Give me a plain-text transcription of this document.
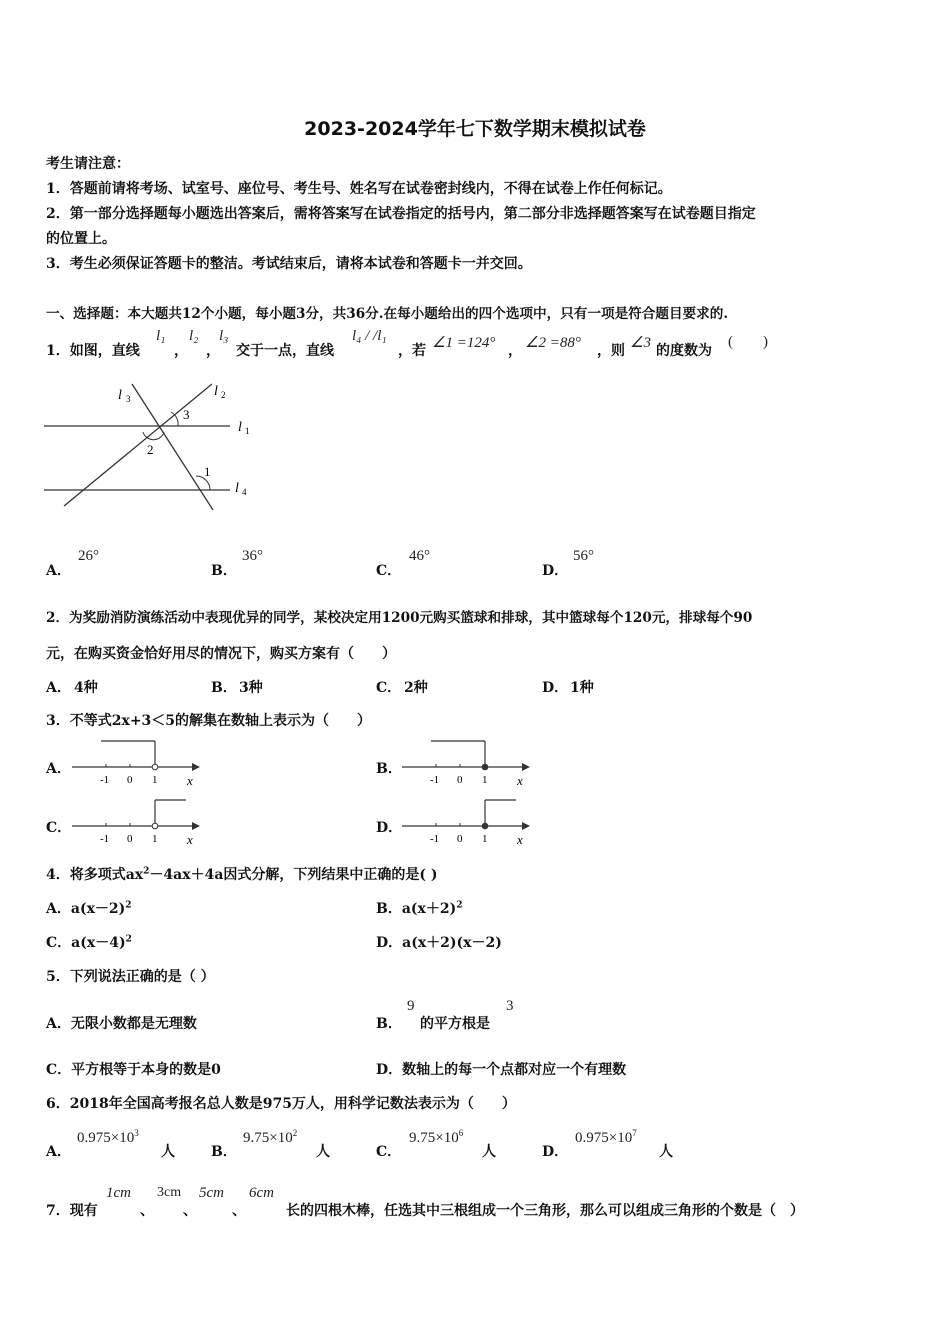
2023-2024学年七下数学期末模拟试卷
考生请注意：
1．答题前请将考场、试室号、座位号、考生号、姓名写在试卷密封线内，不得在试卷上作任何标记。
2．第一部分选择题每小题选出答案后，需将答案写在试卷指定的括号内，第二部分非选择题答案写在试卷题目指定
的位置上。
3．考生必须保证答题卡的整洁。考试结束后，请将本试卷和答题卡一并交回。
一、选择题：本大题共12个小题，每小题3分，共36分.在每小题给出的四个选项中，只有一项是符合题目要求的.
1．如图，直线
l₁
，
l₂
，
l₃
交于一点，直线
l₄ / /l₁
，若 ∠1 =124° ， ∠2 =88° ，则 ∠3 的度数为
(　　)
l 3	l 2
l 1
l 4
3
2
1
A．
26°
B．
36°
C．
46°
D．
56°
2．为奖励消防演练活动中表现优异的同学，某校决定用1200元购买篮球和排球，其中篮球每个120元，排球每个90
元，在购买资金恰好用尽的情况下，购买方案有（　　）
A． 4种	B． 3种	C． 2种	D． 1种
3．不等式2x+3＜5的解集在数轴上表示为（　　）
A．
-1 0 1 x
B．
-1 0 1 x
C．
-1 0 1 x
D．
-1 0 1 x
4．将多项式$ax^2-4ax+4a$因式分解，下列结果中正确的是( )
A．$a(x-2)^2$	B．$a(x+2)^2$
C．$a(x-4)^2$	D．a(x＋2)(x－2)
5．下列说法正确的是（ ）
A．无限小数都是无理数	B．
9
的平方根是
3
C．平方根等于本身的数是0	D．数轴上的每一个点都对应一个有理数
6．2018年全国高考报名总人数是975万人，用科学记数法表示为（　　）
A．
$0.975\times 10^3$
人	B．
$9.75\times 10^2$
人	C．
$9.75\times 10^6$
人	D．
$0.975\times 10^7$
人
7．现有
1cm
、
3cm
、
5cm
、
6cm
长的四根木棒，任选其中三根组成一个三角形，那么可以组成三角形的个数是（　）
